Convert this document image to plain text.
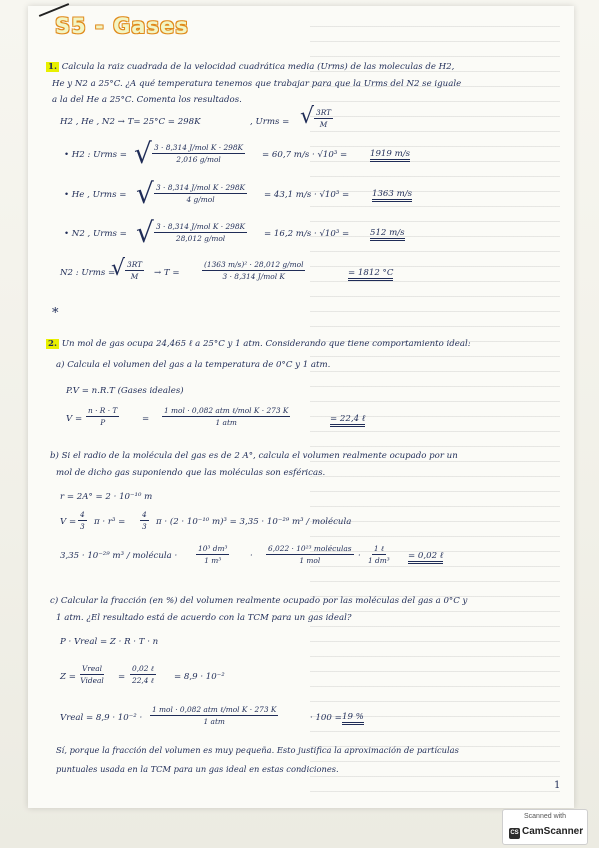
S5 - Gases
1. Calcula la raiz cuadrada de la velocidad cuadrática media (Urms) de las moleculas de H2,
He y N2 a 25°C. ¿A qué temperatura tenemos que trabajar para que la Urms del N2 se iguale
a la del He a 25°C. Comenta los resultados.
H2 , He , N2 → T= 25°C = 298K	, Urms = √ $\frac{3RT}{M}$
• H2 : Urms = √ 3 · 8,314 J/mol K · 298K
2,016 g/mol	= 60,7 m/s · √10³ =	1919 m/s
• He , Urms = √ 3 · 8,314 J/mol K · 298K
4 g/mol	= 43,1 m/s · √10³ =	1363 m/s
• N2 , Urms = √ 3 · 8,314 J/mol K · 298K
28,012 g/mol	= 16,2 m/s · √10³ = 512 m/s
N2 : Urms =
√ $\frac{3RT}{M} \to T$ =
(1363 m/s)² · 28,012 g/mol
3 · 8,314 J/mol K	= 1812 °C
*
2. Un mol de gas ocupa 24,465 ℓ a 25°C y 1 atm. Considerando que tiene comportamiento ideal:
a) Calcula el volumen del gas a la temperatura de 0°C y 1 atm.
P.V = n.R.T (Gases ideales)
$V = \frac{n \cdot R \cdot T}{P}$	=
1 mol · 0,082 atm ℓ/mol K · 273 K
1 atm	= 22,4 ℓ
b) Si el radio de la molécula del gas es de 2 A°, calcula el volumen realmente ocupado por un
mol de dicho gas suponiendo que las moléculas son esféricas.
r = 2A° = 2 · 10⁻¹⁰ m
$V = \frac{4}{3}$ $\pi \cdot r^3 = \frac{4}{3}$ π · (2 · 10⁻¹⁰ m)³ = 3,35 · 10⁻²⁹ m³ / molécula
3,35 · 10⁻²⁹ m³ / molécula ·	$\frac{\text{10³ dm³}}{\text{1 m³}}$ ·
6,022 · 10²³ moléculas
1 mol	·
1 ℓ
1 dm³ = 0,02 ℓ
c) Calcular la fracción (en %) del volumen realmente ocupado por las moléculas del gas a 0°C y
1 atm. ¿El resultado está de acuerdo con la TCM para un gas ideal?
P · Vreal = Z · R · T · n
Z =
Vreal
Videal =
0,02 ℓ
22,4 ℓ = 8,9 · 10⁻²
Vreal = 8,9 · 10⁻² ·
1 mol · 0,082 atm ℓ/mol K · 273 K
1 atm	· 100 = 19 %
Sí, porque la fracción del volumen es muy pequeña. Esto justifica la aproximación de partículas
puntuales usada en la TCM para un gas ideal en estas condiciones.
1
Scanned with
CS CamScanner
